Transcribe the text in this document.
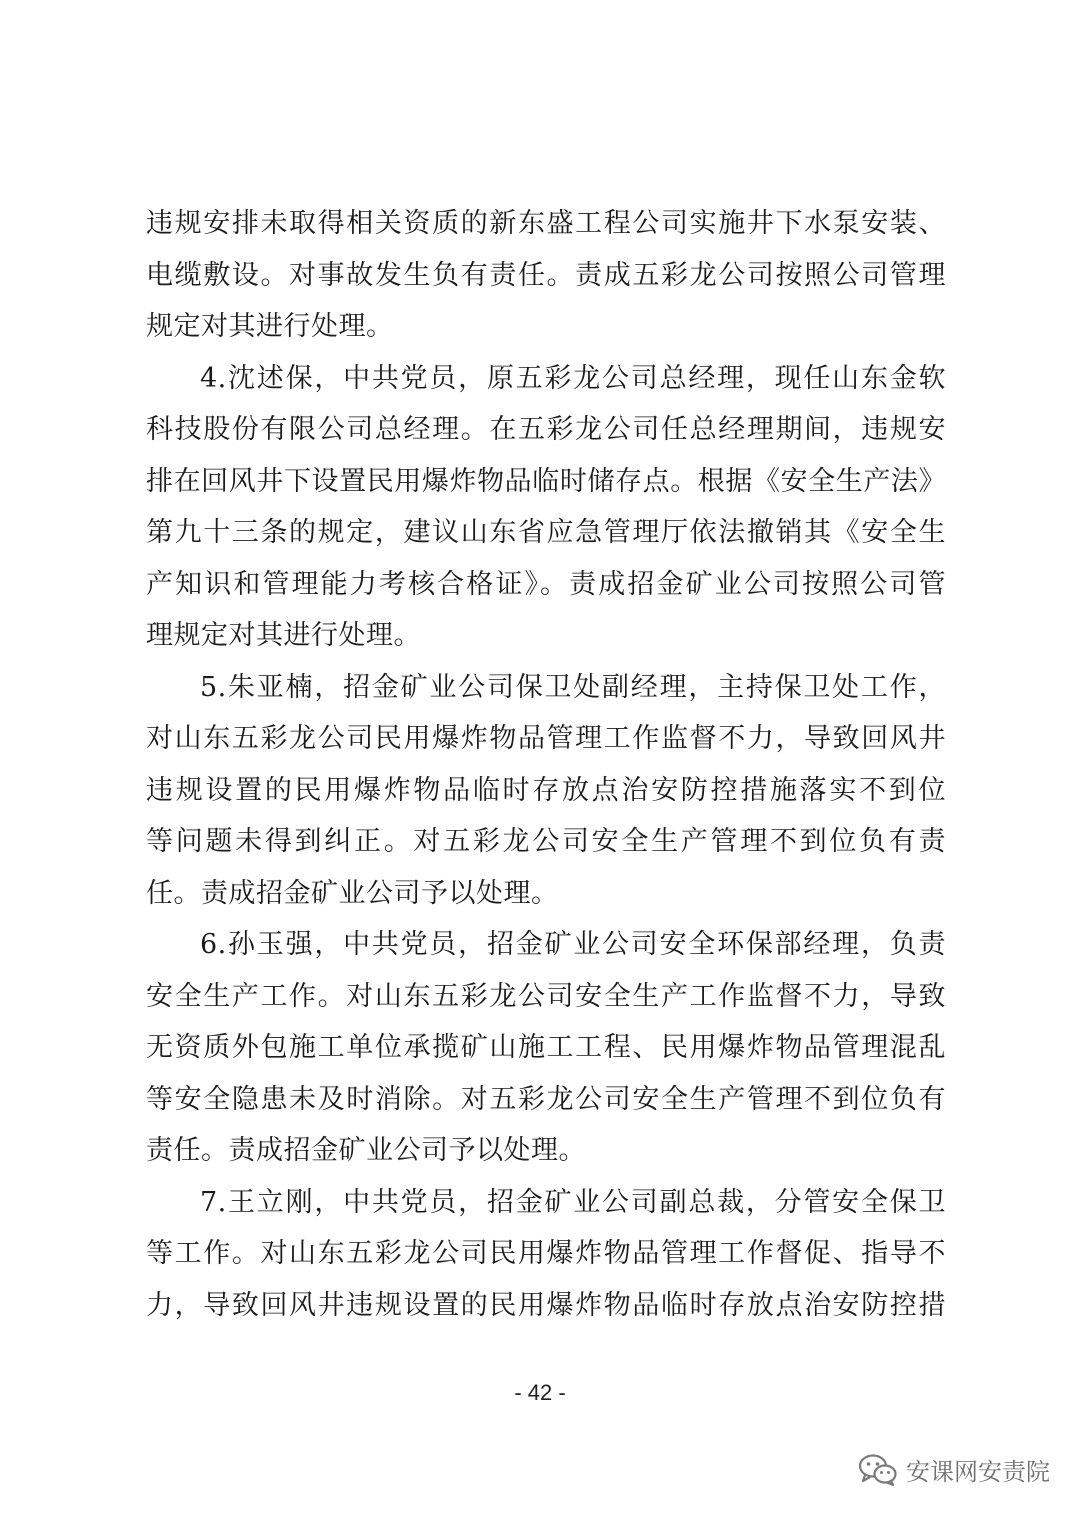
违规安排未取得相关资质的新东盛工程公司实施井下水泵安装、
电缆敷设。对事故发生负有责任。责成五彩龙公司按照公司管理
规定对其进行处理。
4.沈述保，中共党员，原五彩龙公司总经理，现任山东金软
科技股份有限公司总经理。在五彩龙公司任总经理期间，违规安
排在回风井下设置民用爆炸物品临时储存点。根据《安全生产法》
第九十三条的规定，建议山东省应急管理厅依法撤销其《安全生
产知识和管理能力考核合格证》。责成招金矿业公司按照公司管
理规定对其进行处理。
5.朱亚楠，招金矿业公司保卫处副经理，主持保卫处工作，
对山东五彩龙公司民用爆炸物品管理工作监督不力，导致回风井
违规设置的民用爆炸物品临时存放点治安防控措施落实不到位
等问题未得到纠正。对五彩龙公司安全生产管理不到位负有责
任。责成招金矿业公司予以处理。
6.孙玉强，中共党员，招金矿业公司安全环保部经理，负责
安全生产工作。对山东五彩龙公司安全生产工作监督不力，导致
无资质外包施工单位承揽矿山施工工程、民用爆炸物品管理混乱
等安全隐患未及时消除。对五彩龙公司安全生产管理不到位负有
责任。责成招金矿业公司予以处理。
7.王立刚，中共党员，招金矿业公司副总裁，分管安全保卫
等工作。对山东五彩龙公司民用爆炸物品管理工作督促、指导不
力，导致回风井违规设置的民用爆炸物品临时存放点治安防控措
- 42 -
安课网安责院
